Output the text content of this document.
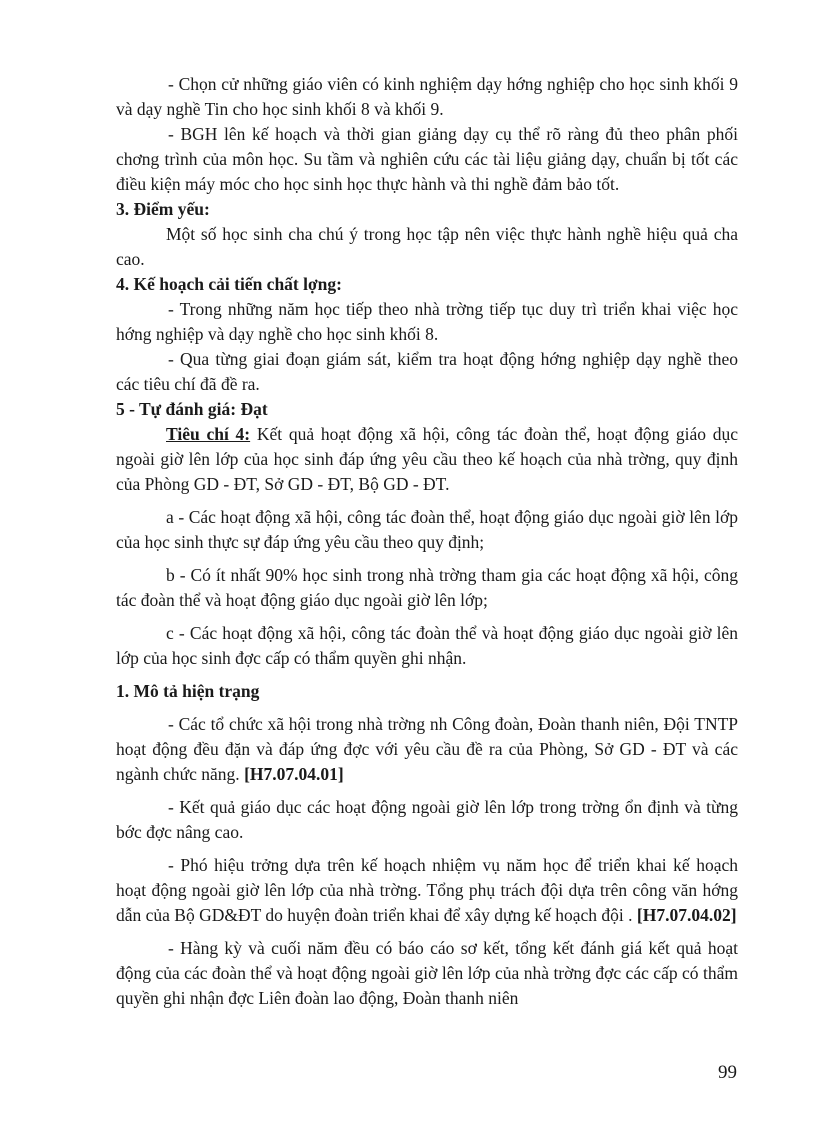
- Chọn cử những giáo viên có kinh nghiệm dạy hớng nghiệp cho học sinh khối 9 và dạy nghề Tin cho học sinh khối 8 và khối 9.

- BGH lên kế hoạch và thời gian giảng dạy cụ thể rõ ràng đủ theo phân phối chơng trình của môn học. Su tầm và nghiên cứu các tài liệu giảng dạy, chuẩn bị tốt các điều kiện máy móc cho học sinh học thực hành và thi nghề đảm bảo tốt.

3. Điểm yếu:

Một số học sinh cha chú ý trong học tập nên việc thực hành nghề hiệu quả cha cao.

4. Kế hoạch cải tiến chất lợng:

- Trong những năm học tiếp theo nhà trờng tiếp tục duy trì triển khai việc học hớng nghiệp và dạy nghề cho học sinh khối 8.

- Qua từng giai đoạn giám sát, kiểm tra hoạt động hớng nghiệp dạy nghề theo các tiêu chí đã đề ra.

5 - Tự đánh giá: Đạt

Tiêu chí 4: Kết quả hoạt động xã hội, công tác đoàn thể, hoạt động giáo dục ngoài giờ lên lớp của học sinh đáp ứng yêu cầu theo kế hoạch của nhà trờng, quy định của Phòng GD - ĐT, Sở GD - ĐT, Bộ GD - ĐT.

a - Các hoạt động xã hội, công tác đoàn thể, hoạt động giáo dục ngoài giờ lên lớp của học sinh thực sự đáp ứng yêu cầu theo quy định;

b - Có ít nhất 90% học sinh trong nhà trờng tham gia các hoạt động xã hội, công tác đoàn thể và hoạt động giáo dục ngoài giờ lên lớp;

c - Các hoạt động xã hội, công tác đoàn thể và hoạt động giáo dục ngoài giờ lên lớp của học sinh đợc cấp có thẩm quyền ghi nhận.

1. Mô tả hiện trạng

- Các tổ chức xã hội trong nhà trờng nh Công đoàn, Đoàn thanh niên, Đội TNTP hoạt động đều đặn và đáp ứng đợc với yêu cầu đề ra của Phòng, Sở GD - ĐT và các ngành chức năng. [H7.07.04.01]

- Kết quả giáo dục các hoạt động ngoài giờ lên lớp trong trờng ổn định và từng bớc đợc nâng cao.

- Phó hiệu trởng dựa trên kế hoạch nhiệm vụ năm học để triển khai kế hoạch hoạt động ngoài giờ lên lớp của nhà trờng. Tổng phụ trách đội dựa trên công văn hớng dẫn của Bộ GD&ĐT do huyện đoàn triển khai để xây dựng kế hoạch đội . [H7.07.04.02]

- Hàng kỳ và cuối năm đều có báo cáo sơ kết, tổng kết đánh giá kết quả hoạt động của các đoàn thể và hoạt động ngoài giờ lên lớp của nhà trờng đợc các cấp có thẩm quyền ghi nhận đợc Liên đoàn lao động, Đoàn thanh niên

99
